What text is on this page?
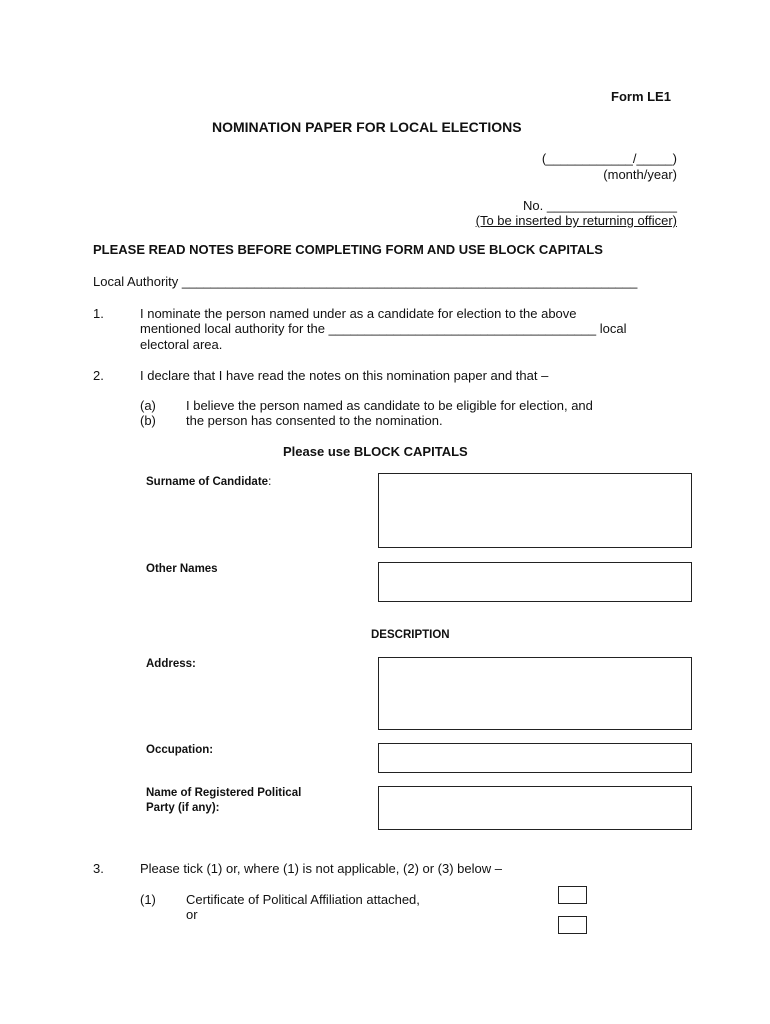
Form LE1
NOMINATION PAPER FOR LOCAL ELECTIONS
(____________/_____)
(month/year)
No. __________________
(To be inserted by returning officer)
PLEASE READ NOTES BEFORE COMPLETING FORM AND USE BLOCK CAPITALS
Local Authority _______________________________________________________________
1.	I nominate the person named under as a candidate for election to the above
mentioned local authority for the _____________________________________ local
electoral area.
2.	I declare that I have read the notes on this nomination paper and that –
(a) I believe the person named as candidate to be eligible for election, and
(b) the person has consented to the nomination.
Please use BLOCK CAPITALS
Surname of Candidate:
Other Names
DESCRIPTION
Address:
Occupation:
Name of Registered Political
Party (if any):
3.	Please tick (1) or, where (1) is not applicable, (2) or (3) below –
(1) Certificate of Political Affiliation attached,
or
